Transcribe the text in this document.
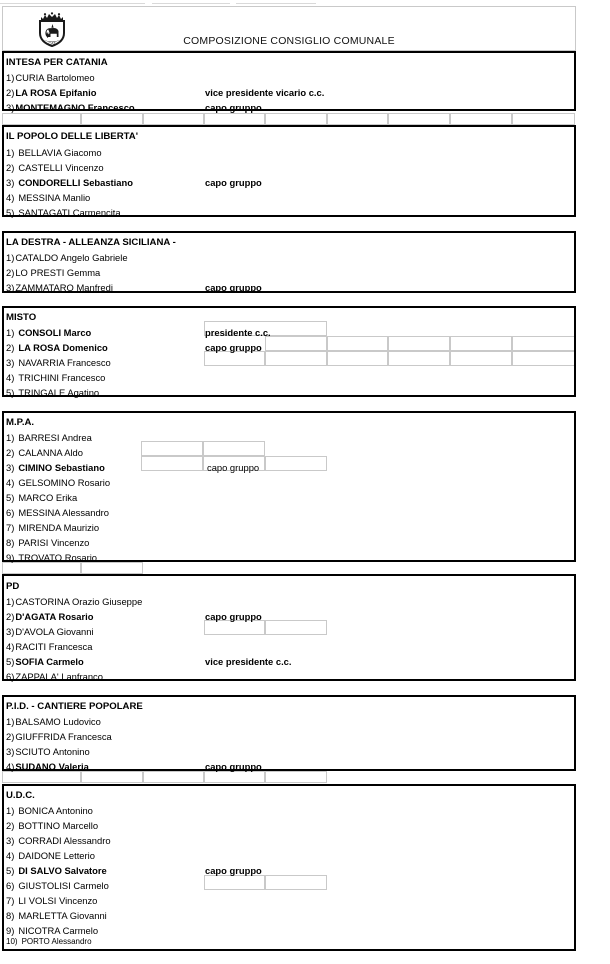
CAT	COMPOSIZIONE CONSIGLIO COMUNALE
INTESA PER CATANIA
1)CURIA Bartolomeo
2)LA ROSA Epifanio	vice presidente vicario c.c.
3)MONTEMAGNO Francesco	capo gruppo
IL POPOLO DELLE LIBERTA'
1) BELLAVIA Giacomo
2) CASTELLI Vincenzo
3) CONDORELLI Sebastiano	capo gruppo
4) MESSINA Manlio
5) SANTAGATI Carmencita
LA DESTRA - ALLEANZA SICILIANA -
1)CATALDO Angelo Gabriele
2)LO PRESTI Gemma
3)ZAMMATARO Manfredi	capo gruppo
MISTO
1) CONSOLI Marco	presidente c.c.
2) LA ROSA Domenico	capo gruppo
3) NAVARRIA Francesco
4) TRICHINI Francesco
5) TRINGALE Agatino
M.P.A.
1) BARRESI Andrea
2) CALANNA Aldo
3) CIMINO Sebastiano	capo gruppo
4) GELSOMINO Rosario
5) MARCO Erika
6) MESSINA Alessandro
7) MIRENDA Maurizio
8) PARISI Vincenzo
9) TROVATO Rosario
PD
1)CASTORINA Orazio Giuseppe
2)D'AGATA Rosario	capo gruppo
3)D'AVOLA Giovanni
4)RACITI Francesca
5)SOFIA Carmelo	vice presidente c.c.
6)ZAPPALA' Lanfranco
P.I.D. - CANTIERE POPOLARE
1)BALSAMO Ludovico
2)GIUFFRIDA Francesca
3)SCIUTO Antonino
4)SUDANO Valeria	capo gruppo
U.D.C.
1) BONICA Antonino
2) BOTTINO Marcello
3) CORRADI Alessandro
4) DAIDONE Letterio
5) DI SALVO Salvatore	capo gruppo
6) GIUSTOLISI Carmelo
7) LI VOLSI Vincenzo
8) MARLETTA Giovanni
9) NICOTRA Carmelo
10) PORTO Alessandro
